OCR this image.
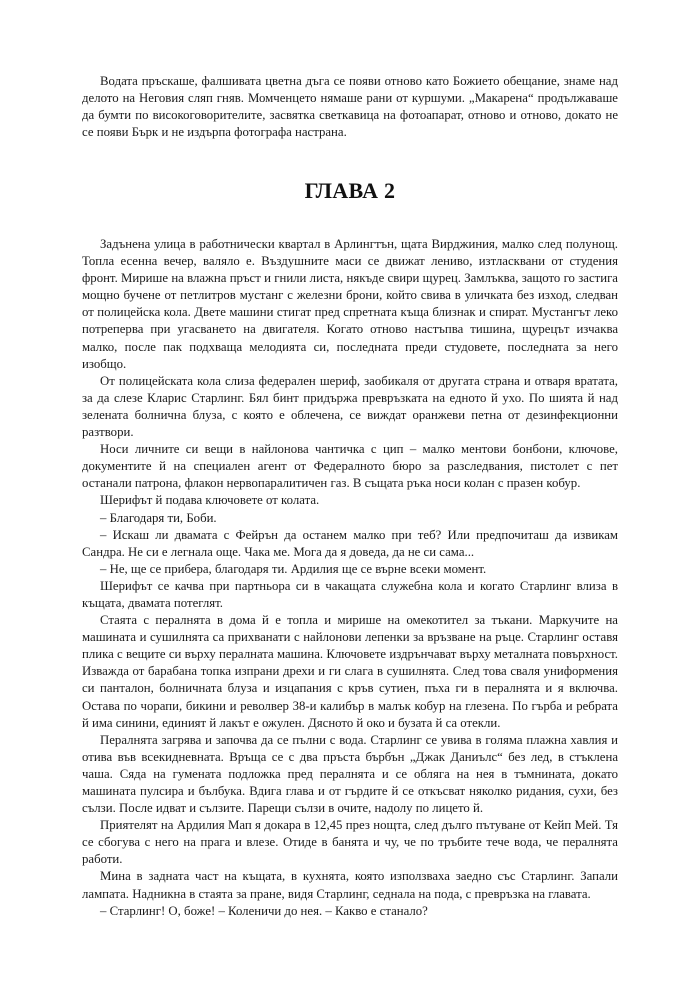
Водата пръскаше, фалшивата цветна дъга се появи отново като Божието обещание, знаме над делото на Неговия сляп гняв. Момченцето нямаше рани от куршуми. „Макарена“ продължаваше да бумти по високоговорителите, засвятка светкавица на фотоапарат, отново и отново, докато не се появи Бърк и не издърпа фотографа настрана.

ГЛАВА 2

Задънена улица в работнически квартал в Арлингтън, щата Вирджиния, малко след полунощ. Топла есенна вечер, валяло е. Въздушните маси се движат лениво, изтласквани от студения фронт. Мирише на влажна пръст и гнили листа, някъде свири щурец. Замлъква, защото го застига мощно бучене от петлитров мустанг с железни брони, който свива в уличката без изход, следван от полицейска кола. Двете машини стигат пред спретната къща близнак и спират. Мустангът леко потреперва при угасването на двигателя. Когато отново настъпва тишина, щурецът изчаква малко, после пак подхваща мелодията си, последната преди студовете, последната за него изобщо.

От полицейската кола слиза федерален шериф, заобикаля от другата страна и отваря вратата, за да слезе Кларис Старлинг. Бял бинт придържа превръзката на едното й ухо. По шията й над зелената болнична блуза, с която е облечена, се виждат оранжеви петна от дезинфекционни разтвори.

Носи личните си вещи в найлонова чантичка с цип – малко ментови бонбони, ключове, документите й на специален агент от Федералното бюро за разследвания, пистолет с пет останали патрона, флакон нервопаралитичен газ. В същата ръка носи колан с празен кобур.

Шерифът й подава ключовете от колата.

– Благодаря ти, Боби.

– Искаш ли двамата с Фейрън да останем малко при теб? Или предпочиташ да извикам Сандра. Не си е легнала още. Чака ме. Мога да я доведа, да не си сама...

– Не, ще се прибера, благодаря ти. Ардилия ще се върне всеки момент.

Шерифът се качва при партньора си в чакащата служебна кола и когато Старлинг влиза в къщата, двамата потеглят.

Стаята с пералнята в дома й е топла и мирише на омекотител за тъкани. Маркучите на машината и сушилнята са прихванати с найлонови лепенки за връзване на ръце. Старлинг оставя плика с вещите си върху пералната машина. Ключовете издрънчават върху металната повърхност. Изважда от барабана топка изпрани дрехи и ги слага в сушилнята. След това сваля униформения си панталон, болничната блуза и изцапания с кръв сутиен, пъха ги в пералнята и я включва. Остава по чорапи, бикини и револвер 38-и калибър в малък кобур на глезена. По гърба и ребрата й има синини, единият й лакът е ожулен. Дясното й око и бузата й са отекли.

Пералнята загрява и започва да се пълни с вода. Старлинг се увива в голяма плажна хавлия и отива във всекидневната. Връща се с два пръста бърбън „Джак Даниълс“ без лед, в стъклена чаша. Сяда на гумената подложка пред пералнята и се обляга на нея в тъмнината, докато машината пулсира и бълбука. Вдига глава и от гърдите й се откъсват няколко ридания, сухи, без сълзи. После идват и сълзите. Парещи сълзи в очите, надолу по лицето й.

Приятелят на Ардилия Мап я докара в 12,45 през нощта, след дълго пътуване от Кейп Мей. Тя се сбогува с него на прага и влезе. Отиде в банята и чу, че по тръбите тече вода, че пералнята работи.

Мина в задната част на къщата, в кухнята, която използваха заедно със Старлинг. Запали лампата. Надникна в стаята за пране, видя Старлинг, седнала на пода, с превръзка на главата.

– Старлинг! О, боже! – Коленичи до нея. – Какво е станало?
